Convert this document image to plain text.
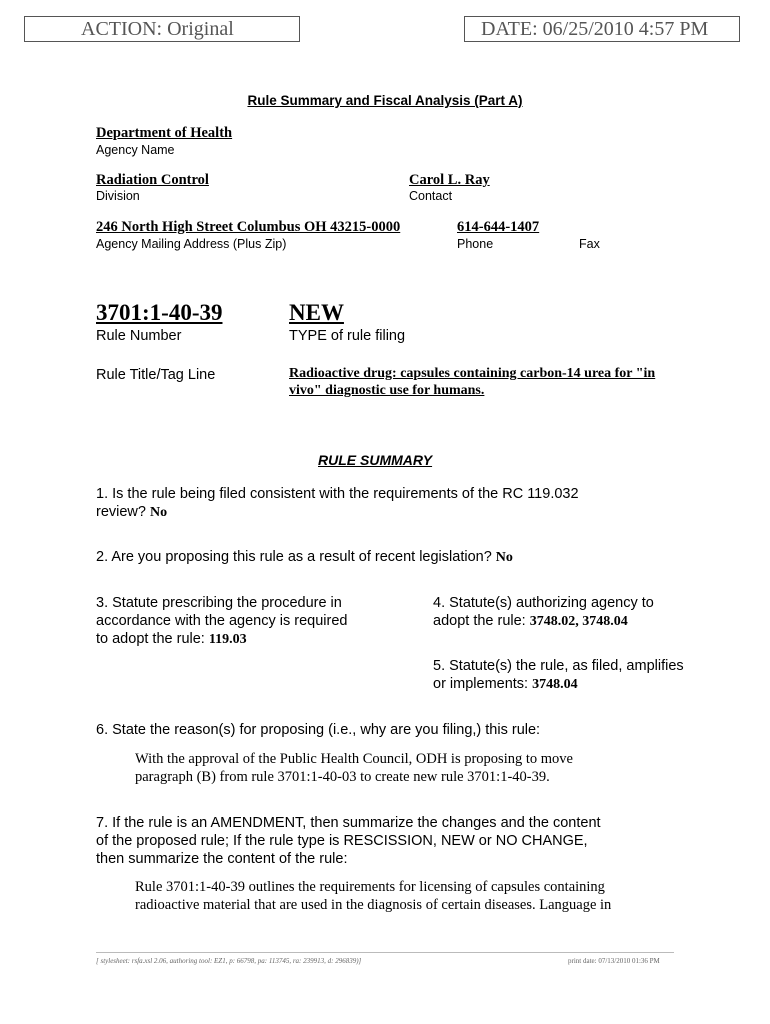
ACTION: Original	DATE: 06/25/2010 4:57 PM
Rule Summary and Fiscal Analysis (Part A)
Department of Health
Agency Name
Radiation Control
Division
Carol L. Ray
Contact
246 North High Street Columbus OH 43215-0000
Agency Mailing Address (Plus Zip)
614-644-1407
Phone	Fax
3701:1-40-39
Rule Number
NEW
TYPE of rule filing
Rule Title/Tag Line	Radioactive drug: capsules containing carbon-14 urea for "in
vivo" diagnostic use for humans.
RULE SUMMARY
1. Is the rule being filed consistent with the requirements of the RC 119.032
review? No
2. Are you proposing this rule as a result of recent legislation? No
3. Statute prescribing the procedure in
accordance with the agency is required
to adopt the rule: 119.03
4. Statute(s) authorizing agency to
adopt the rule: 3748.02, 3748.04
5. Statute(s) the rule, as filed, amplifies
or implements: 3748.04
6. State the reason(s) for proposing (i.e., why are you filing,) this rule:
With the approval of the Public Health Council, ODH is proposing to move
paragraph (B) from rule 3701:1-40-03 to create new rule 3701:1-40-39.
7. If the rule is an AMENDMENT, then summarize the changes and the content
of the proposed rule; If the rule type is RESCISSION, NEW or NO CHANGE,
then summarize the content of the rule:
Rule 3701:1-40-39 outlines the requirements for licensing of capsules containing
radioactive material that are used in the diagnosis of certain diseases. Language in
[ stylesheet: rsfa.xsl 2.06, authoring tool: EZ1, p: 66798, pa: 113745, ra: 239913, d: 296839)]	print date: 07/13/2010 01:36 PM
